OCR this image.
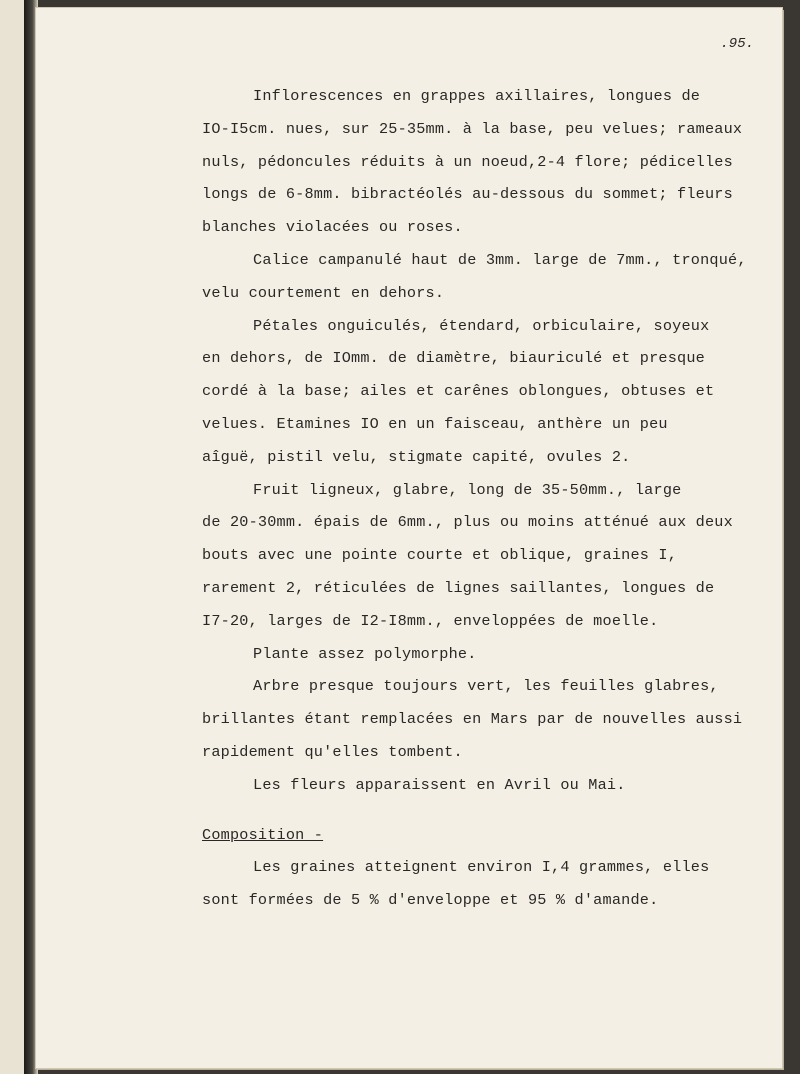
.95.
Inflorescences en grappes axillaires, longues de
IO-I5cm. nues, sur 25-35mm. à la base, peu velues; rameaux
nuls, pédoncules réduits à un noeud,2-4 flore; pédicelles
longs de 6-8mm. bibractéolés au-dessous du sommet; fleurs
blanches violacées ou roses.
Calice campanulé haut de 3mm. large de 7mm., tronqué,
velu courtement en dehors.
Pétales onguiculés, étendard, orbiculaire, soyeux
en dehors, de IOmm. de diamètre, biauriculé et presque
cordé à la base; ailes et carênes oblongues, obtuses et
velues. Etamines IO en un faisceau, anthère un peu
aîguë, pistil velu, stigmate capité, ovules 2.
Fruit ligneux, glabre, long de 35-50mm., large
de 20-30mm. épais de 6mm., plus ou moins atténué aux deux
bouts avec une pointe courte et oblique, graines I,
rarement 2, réticulées de lignes saillantes, longues de
I7-20, larges de I2-I8mm., enveloppées de moelle.
Plante assez polymorphe.
Arbre presque toujours vert, les feuilles glabres,
brillantes étant remplacées en Mars par de nouvelles aussi
rapidement qu'elles tombent.
Les fleurs apparaissent en Avril ou Mai.
Composition -
Les graines atteignent environ I,4 grammes, elles
sont formées de 5 % d'enveloppe et 95 % d'amande.
